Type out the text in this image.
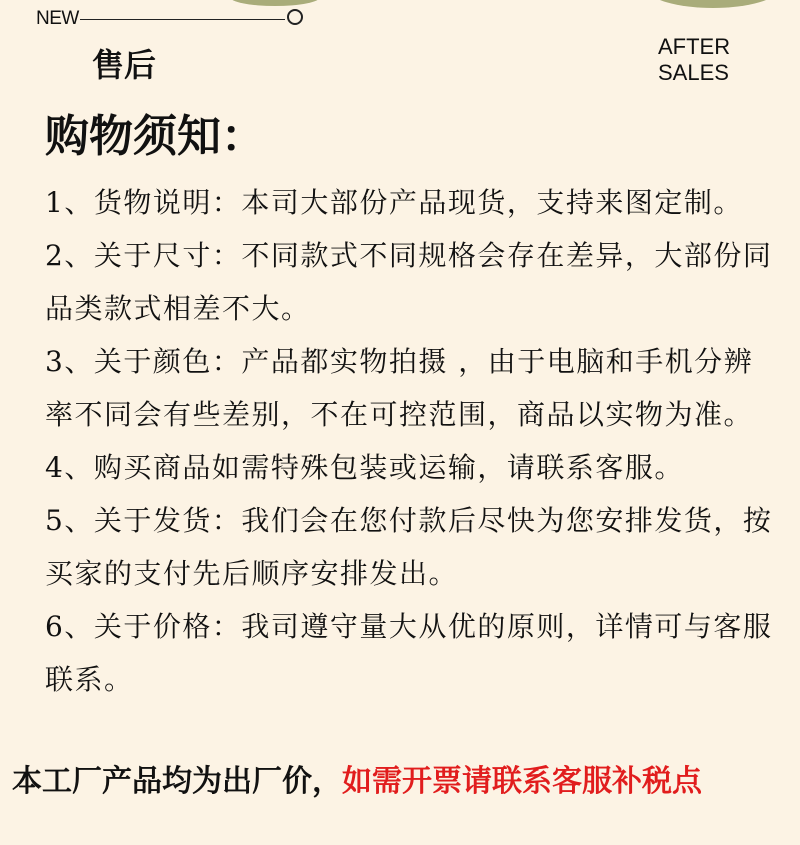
NEW
售后	AFTER
SALES
购物须知：
1、货物说明：本司大部份产品现货，支持来图定制。
2、关于尺寸：不同款式不同规格会存在差异，大部份同品类款式相差不大。
3、关于颜色：产品都实物拍摄 ，由于电脑和手机分辨率不同会有些差别，不在可控范围，商品以实物为准。
4、购买商品如需特殊包装或运输，请联系客服。
5、关于发货：我们会在您付款后尽快为您安排发货，按买家的支付先后顺序安排发出。
6、关于价格：我司遵守量大从优的原则，详情可与客服联系。
本工厂产品均为出厂价，如需开票请联系客服补税点
